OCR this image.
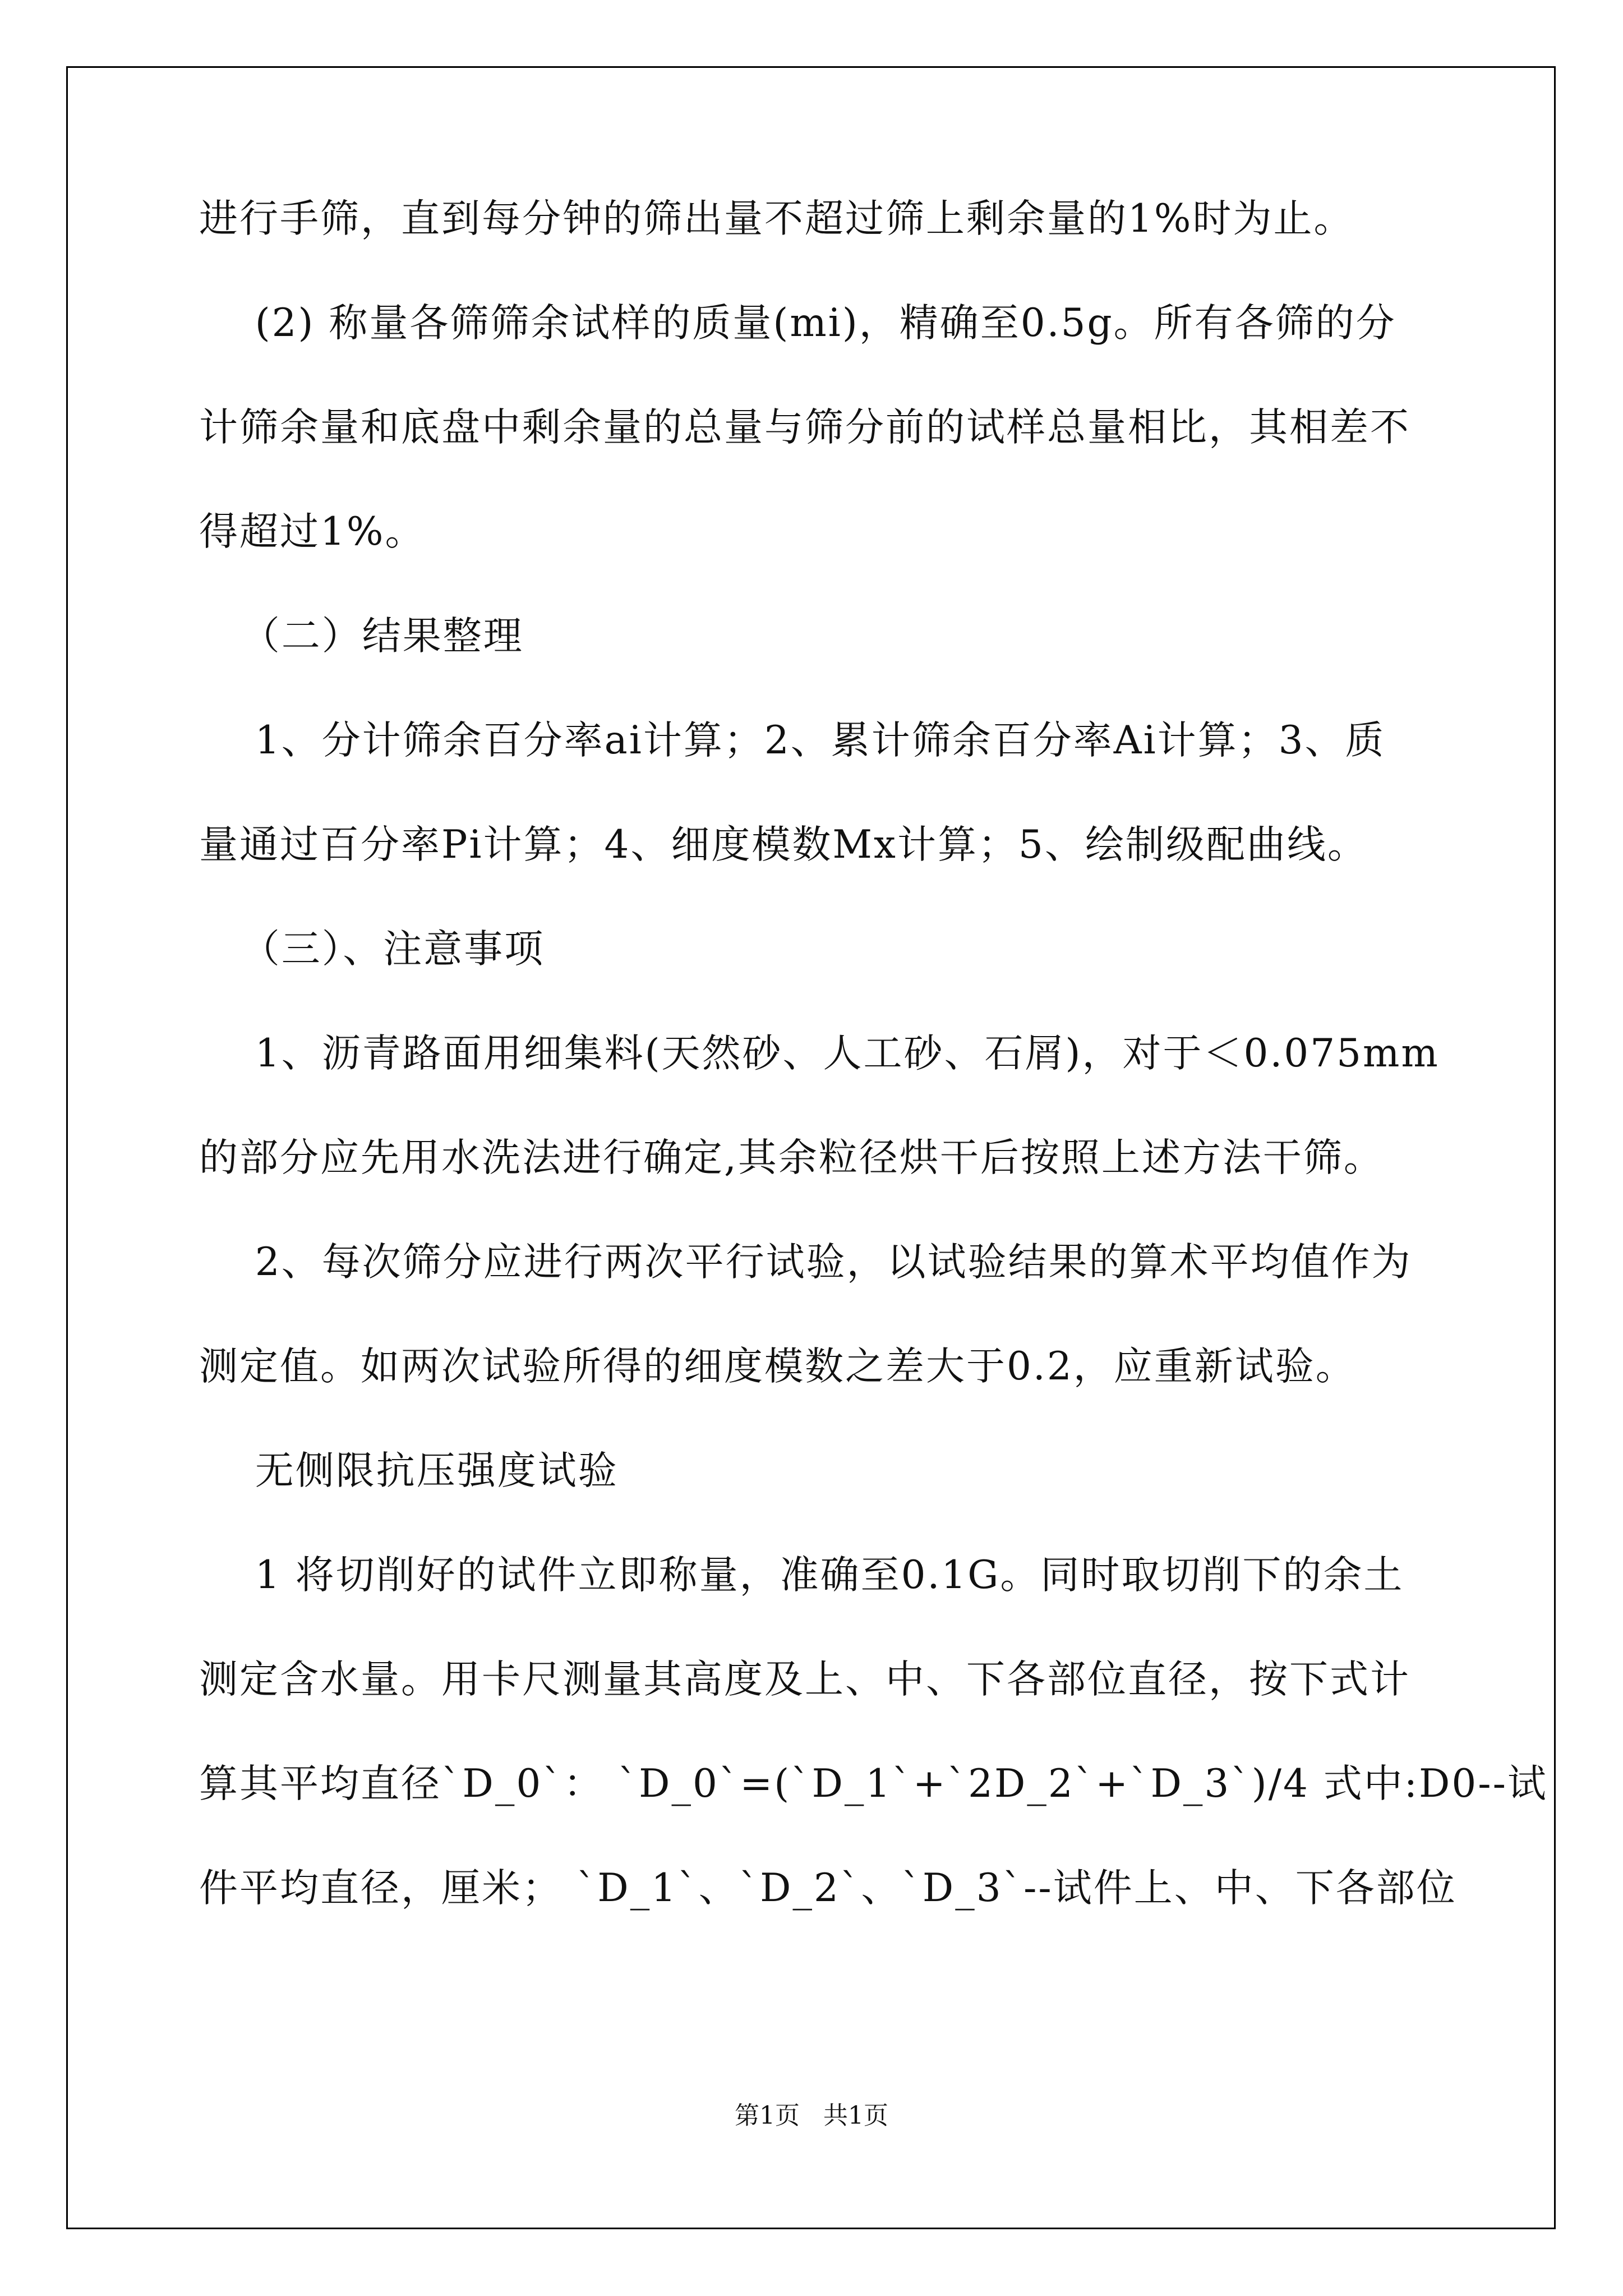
进行手筛，直到每分钟的筛出量不超过筛上剩余量的1%时为止。

(2) 称量各筛筛余试样的质量(mi)，精确至0.5g。所有各筛的分

计筛余量和底盘中剩余量的总量与筛分前的试样总量相比，其相差不

得超过1%。

（二）结果整理

1、分计筛余百分率ai计算；2、累计筛余百分率Ai计算；3、质

量通过百分率Pi计算；4、细度模数Mx计算；5、绘制级配曲线。

（三）、注意事项

1、沥青路面用细集料(天然砂、人工砂、石屑)，对于＜0.075mm

的部分应先用水洗法进行确定,其余粒径烘干后按照上述方法干筛。

2、每次筛分应进行两次平行试验，以试验结果的算术平均值作为

测定值。如两次试验所得的细度模数之差大于0.2，应重新试验。

无侧限抗压强度试验

1 将切削好的试件立即称量，准确至0.1G。同时取切削下的余土

测定含水量。用卡尺测量其高度及上、中、下各部位直径，按下式计

算其平均直径`D_0`： `D_0`=(`D_1`+`2D_2`+`D_3`)/4 式中:D0--试

件平均直径，厘米； `D_1`、`D_2`、`D_3`--试件上、中、下各部位

第1页   共1页
